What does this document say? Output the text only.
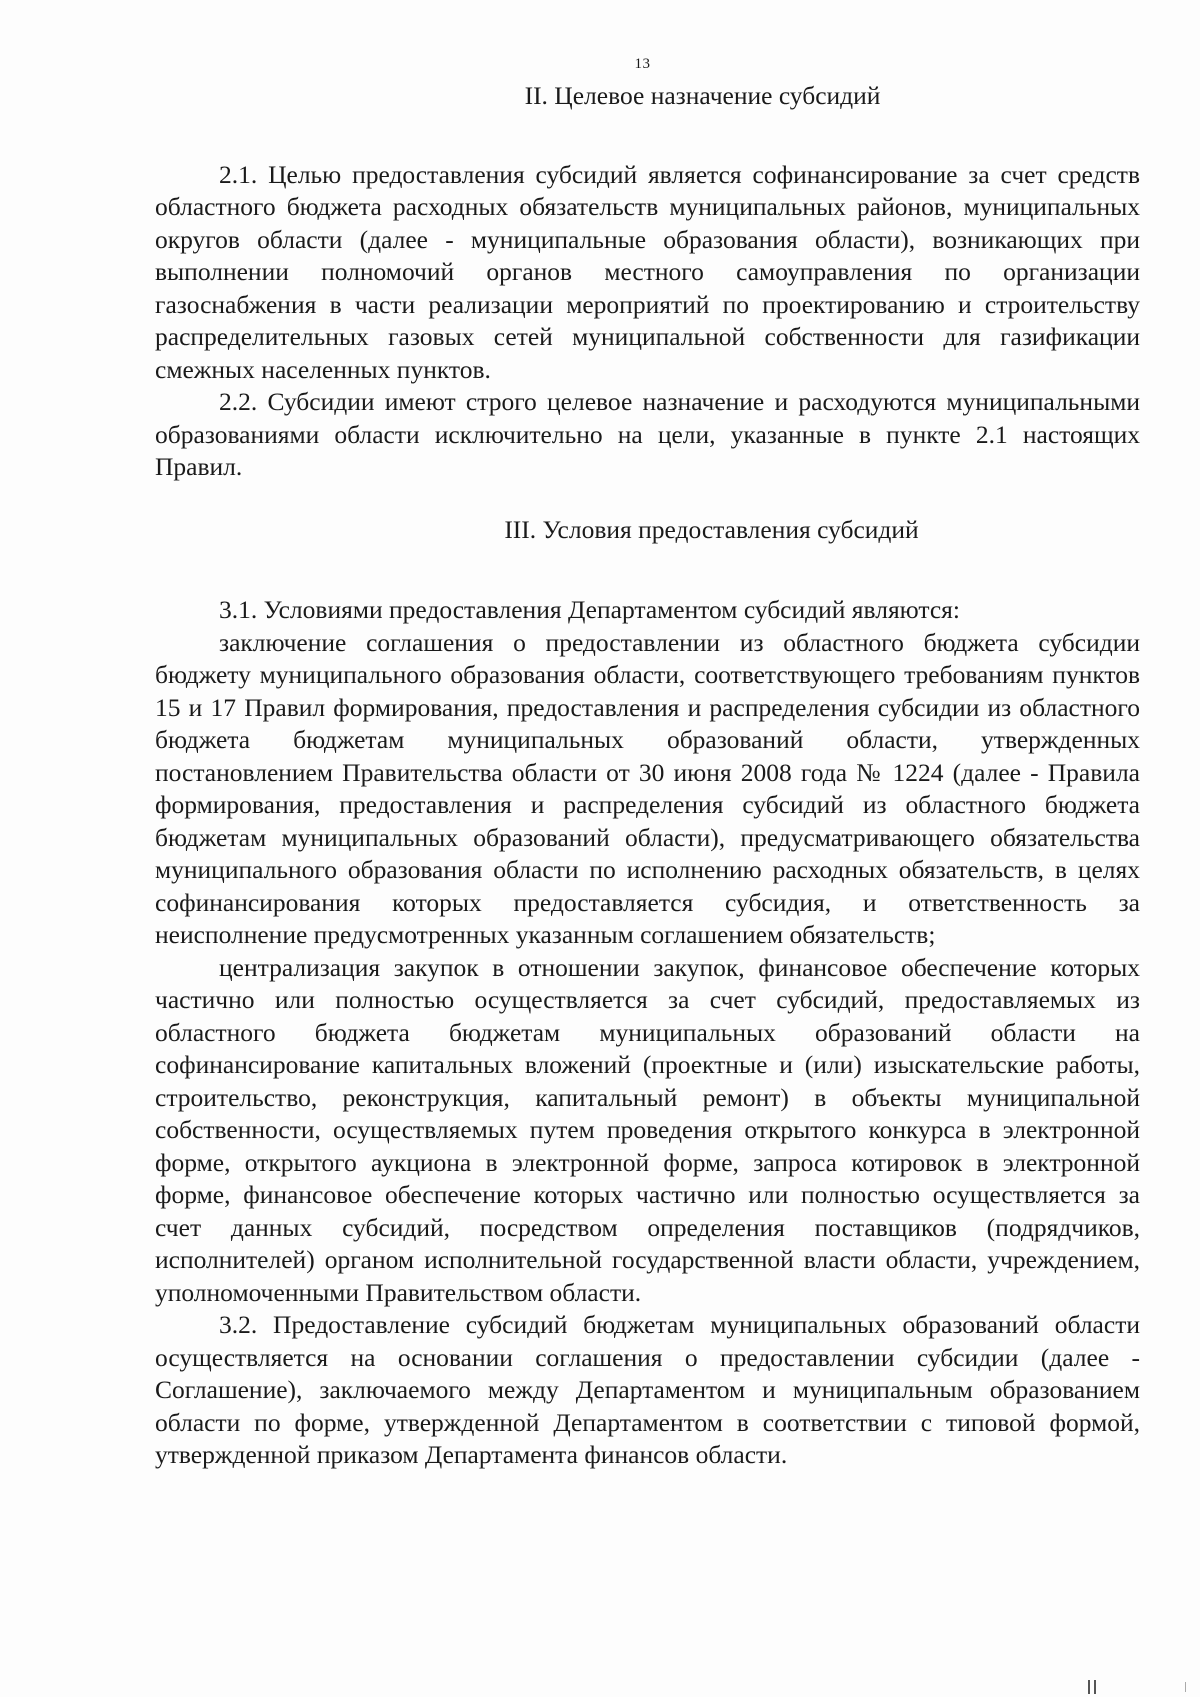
13
II. Целевое назначение субсидий

2.1. Целью предоставления субсидий является софинансирование за счет средств областного бюджета расходных обязательств муниципальных районов, муниципальных округов области (далее - муниципальные образования области), возникающих при выполнении полномочий органов местного самоуправления по организации газоснабжения в части реализации мероприятий по проектированию и строительству распределительных газовых сетей муниципальной собственности для газификации смежных населенных пунктов.

2.2. Субсидии имеют строго целевое назначение и расходуются муниципальными образованиями области исключительно на цели, указанные в пункте 2.1 настоящих Правил.

III. Условия предоставления субсидий

3.1. Условиями предоставления Департаментом субсидий являются:

заключение соглашения о предоставлении из областного бюджета субсидии бюджету муниципального образования области, соответствующего требованиям пунктов 15 и 17 Правил формирования, предоставления и распределения субсидии из областного бюджета бюджетам муниципальных образований области, утвержденных постановлением Правительства области от 30 июня 2008 года № 1224 (далее - Правила формирования, предоставления и распределения субсидий из областного бюджета бюджетам муниципальных образований области), предусматривающего обязательства муниципального образования области по исполнению расходных обязательств, в целях софинансирования которых предоставляется субсидия, и ответственность за неисполнение предусмотренных указанным соглашением обязательств;

централизация закупок в отношении закупок, финансовое обеспечение которых частично или полностью осуществляется за счет субсидий, предоставляемых из областного бюджета бюджетам муниципальных образований области на софинансирование капитальных вложений (проектные и (или) изыскательские работы, строительство, реконструкция, капитальный ремонт) в объекты муниципальной собственности, осуществляемых путем проведения открытого конкурса в электронной форме, открытого аукциона в электронной форме, запроса котировок в электронной форме, финансовое обеспечение которых частично или полностью осуществляется за счет данных субсидий, посредством определения поставщиков (подрядчиков, исполнителей) органом исполнительной государственной власти области, учреждением, уполномоченными Правительством области.

3.2. Предоставление субсидий бюджетам муниципальных образований области осуществляется на основании соглашения о предоставлении субсидии (далее - Соглашение), заключаемого между Департаментом и муниципальным образованием области по форме, утвержденной Департаментом в соответствии с типовой формой, утвержденной приказом Департамента финансов области.
